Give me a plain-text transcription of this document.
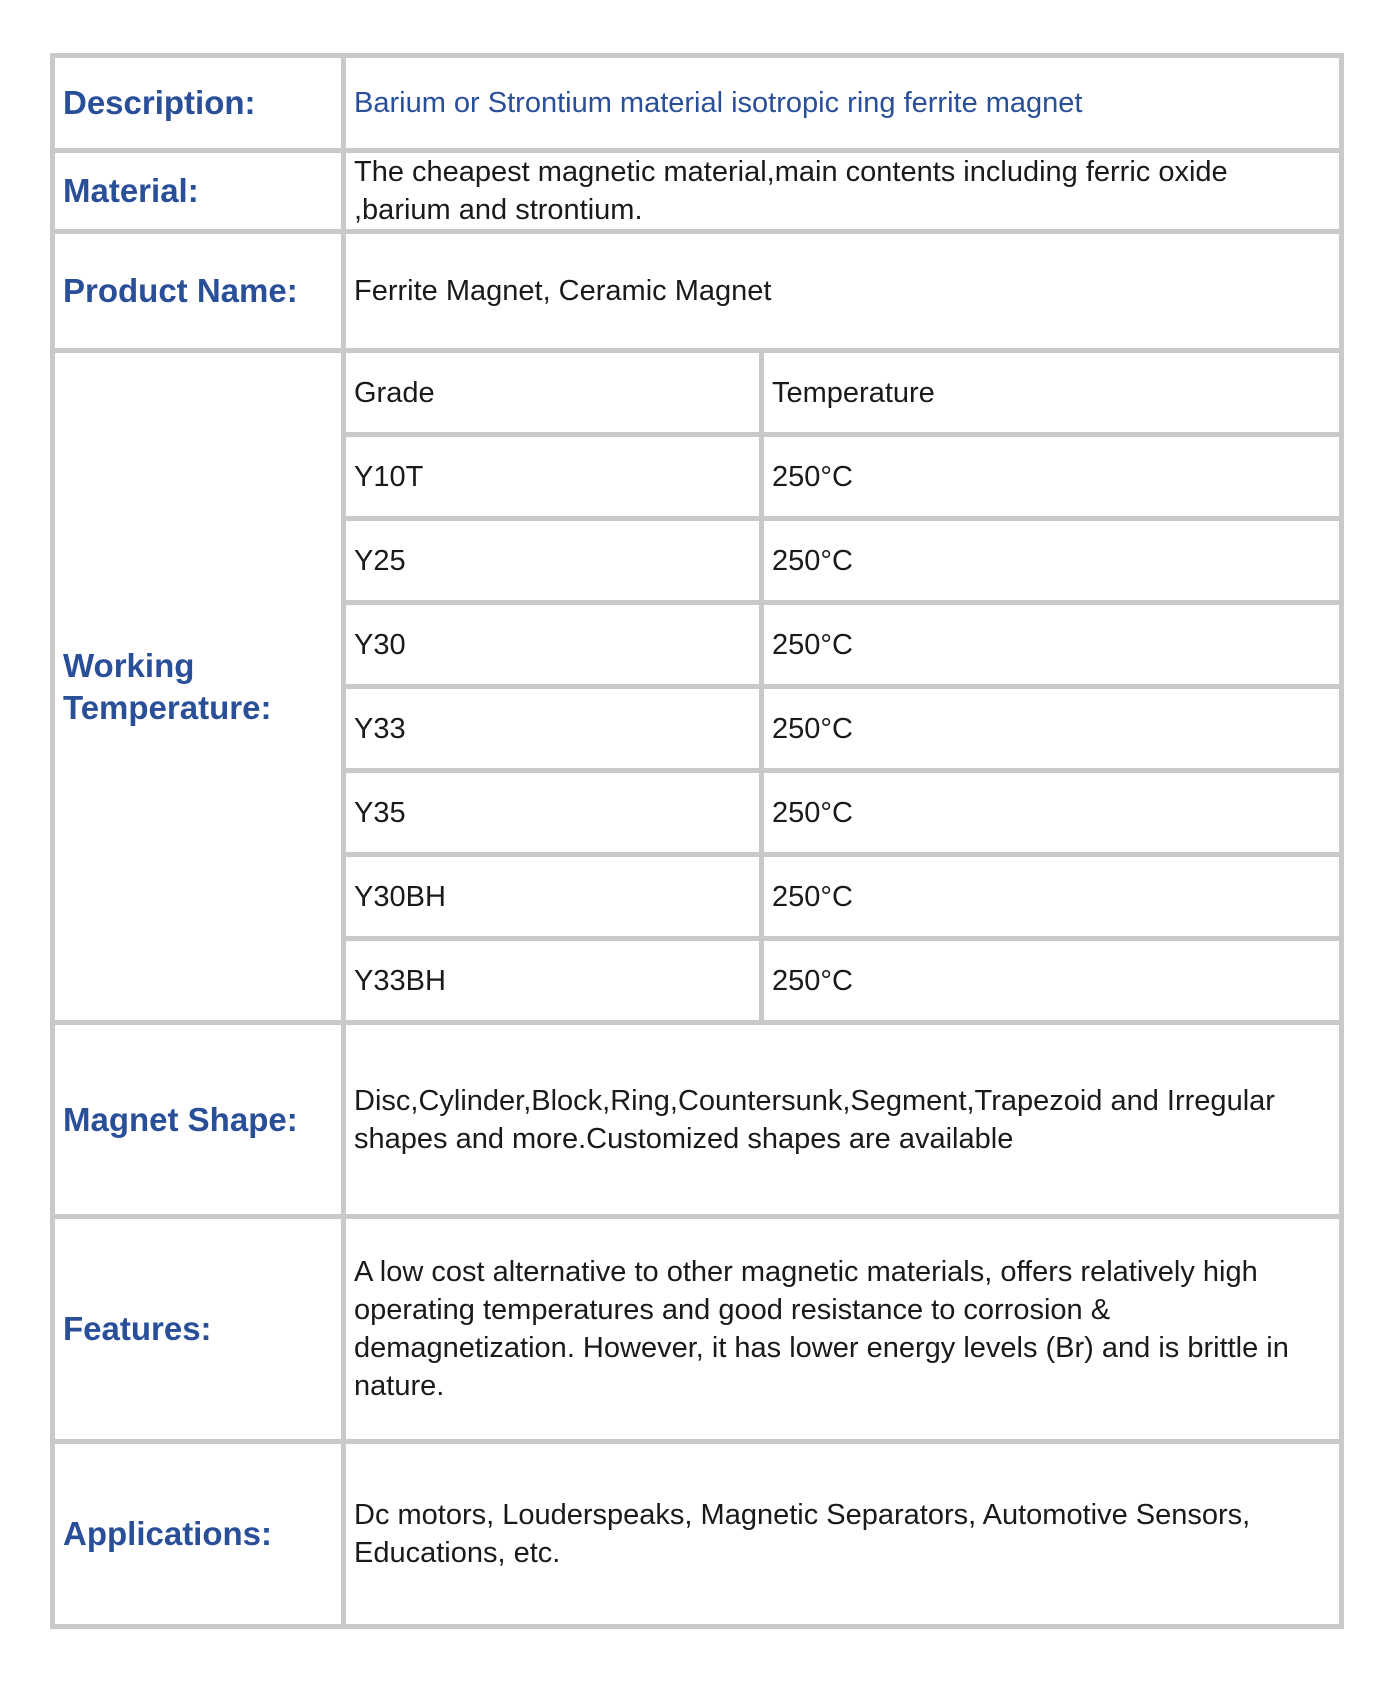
Description:	Barium or Strontium material isotropic ring ferrite magnet	
Material:	The cheapest magnetic material,main contents including ferric oxide ,barium and strontium.	
Product Name:	Ferrite Magnet, Ceramic Magnet	
Working Temperature:	Grade	Temperature
	Y10T	250°C
	Y25	250°C
	Y30	250°C
	Y33	250°C
	Y35	250°C
	Y30BH	250°C
	Y33BH	250°C
Magnet Shape:	Disc,Cylinder,Block,Ring,Countersunk,Segment,Trapezoid and Irregular shapes and more.Customized shapes are available	
Features:	A low cost alternative to other magnetic materials, offers relatively high operating temperatures and good resistance to corrosion & demagnetization. However, it has lower energy levels (Br) and is brittle in nature.	
Applications:	Dc motors, Louderspeaks, Magnetic Separators, Automotive Sensors, Educations, etc.	
